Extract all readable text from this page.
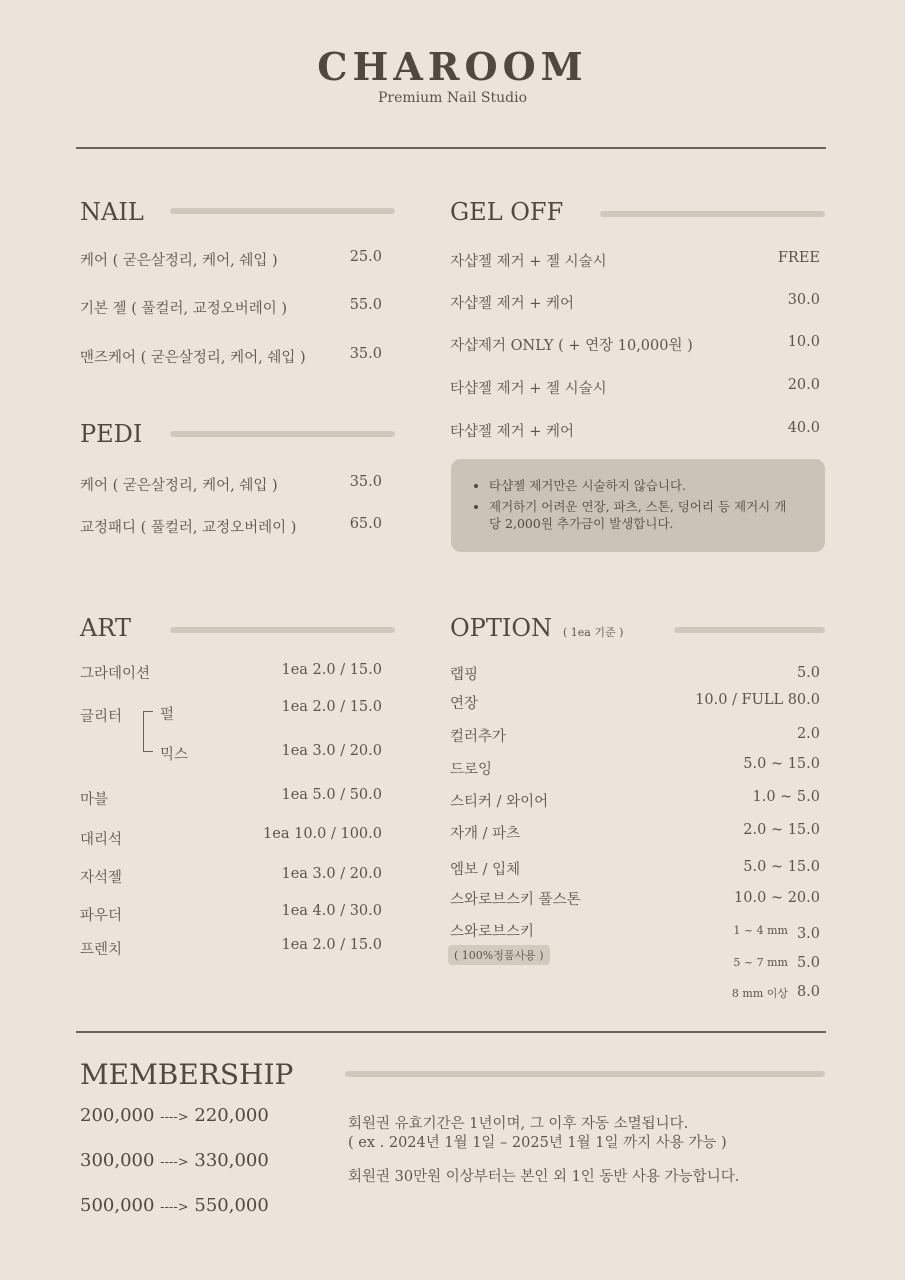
CHAROOM
Premium Nail Studio
NAIL
케어 ( 굳은살정리, 케어, 쉐입 )	25.0
기본 젤 ( 풀컬러, 교정오버레이 )	55.0
맨즈케어 ( 굳은살정리, 케어, 쉐입 )	35.0
PEDI
케어 ( 굳은살정리, 케어, 쉐입 )	35.0
교정패디 ( 풀컬러, 교정오버레이 )	65.0
GEL OFF
자샵젤 제거 + 젤 시술시	FREE
자샵젤 제거 + 케어	30.0
자샵제거 ONLY ( + 연장 10,000원 )	10.0
타샵젤 제거 + 젤 시술시	20.0
타샵젤 제거 + 케어	40.0
• 타샵젤 제거만은 시술하지 않습니다.
• 제거하기 어려운 연장, 파츠, 스톤, 덩어리 등 제거시 개당 2,000원 추가금이 발생합니다.
ART
그라데이션	1ea 2.0 / 15.0
글리터	펄	1ea 2.0 / 15.0
믹스	1ea 3.0 / 20.0
마블	1ea 5.0 / 50.0
대리석	1ea 10.0 / 100.0
자석젤	1ea 3.0 / 20.0
파우더	1ea 4.0 / 30.0
프렌치	1ea 2.0 / 15.0
OPTION ( 1ea 기준 )
랩핑	5.0
연장	10.0 / FULL 80.0
컬러추가	2.0
드로잉	5.0 ~ 15.0
스티커 / 와이어	1.0 ~ 5.0
자개 / 파츠	2.0 ~ 15.0
엠보 / 입체	5.0 ~ 15.0
스와로브스키 풀스톤	10.0 ~ 20.0
스와로브스키
( 100%정품사용 )
1 ~ 4 mm 3.0
5 ~ 7 mm 5.0
8 mm 이상 8.0
MEMBERSHIP
200,000 ----> 220,000
300,000 ----> 330,000
500,000 ----> 550,000
회원권 유효기간은 1년이며, 그 이후 자동 소멸됩니다.
( ex . 2024년 1월 1일 – 2025년 1월 1일 까지 사용 가능 )
회원권 30만원 이상부터는 본인 외 1인 동반 사용 가능합니다.
